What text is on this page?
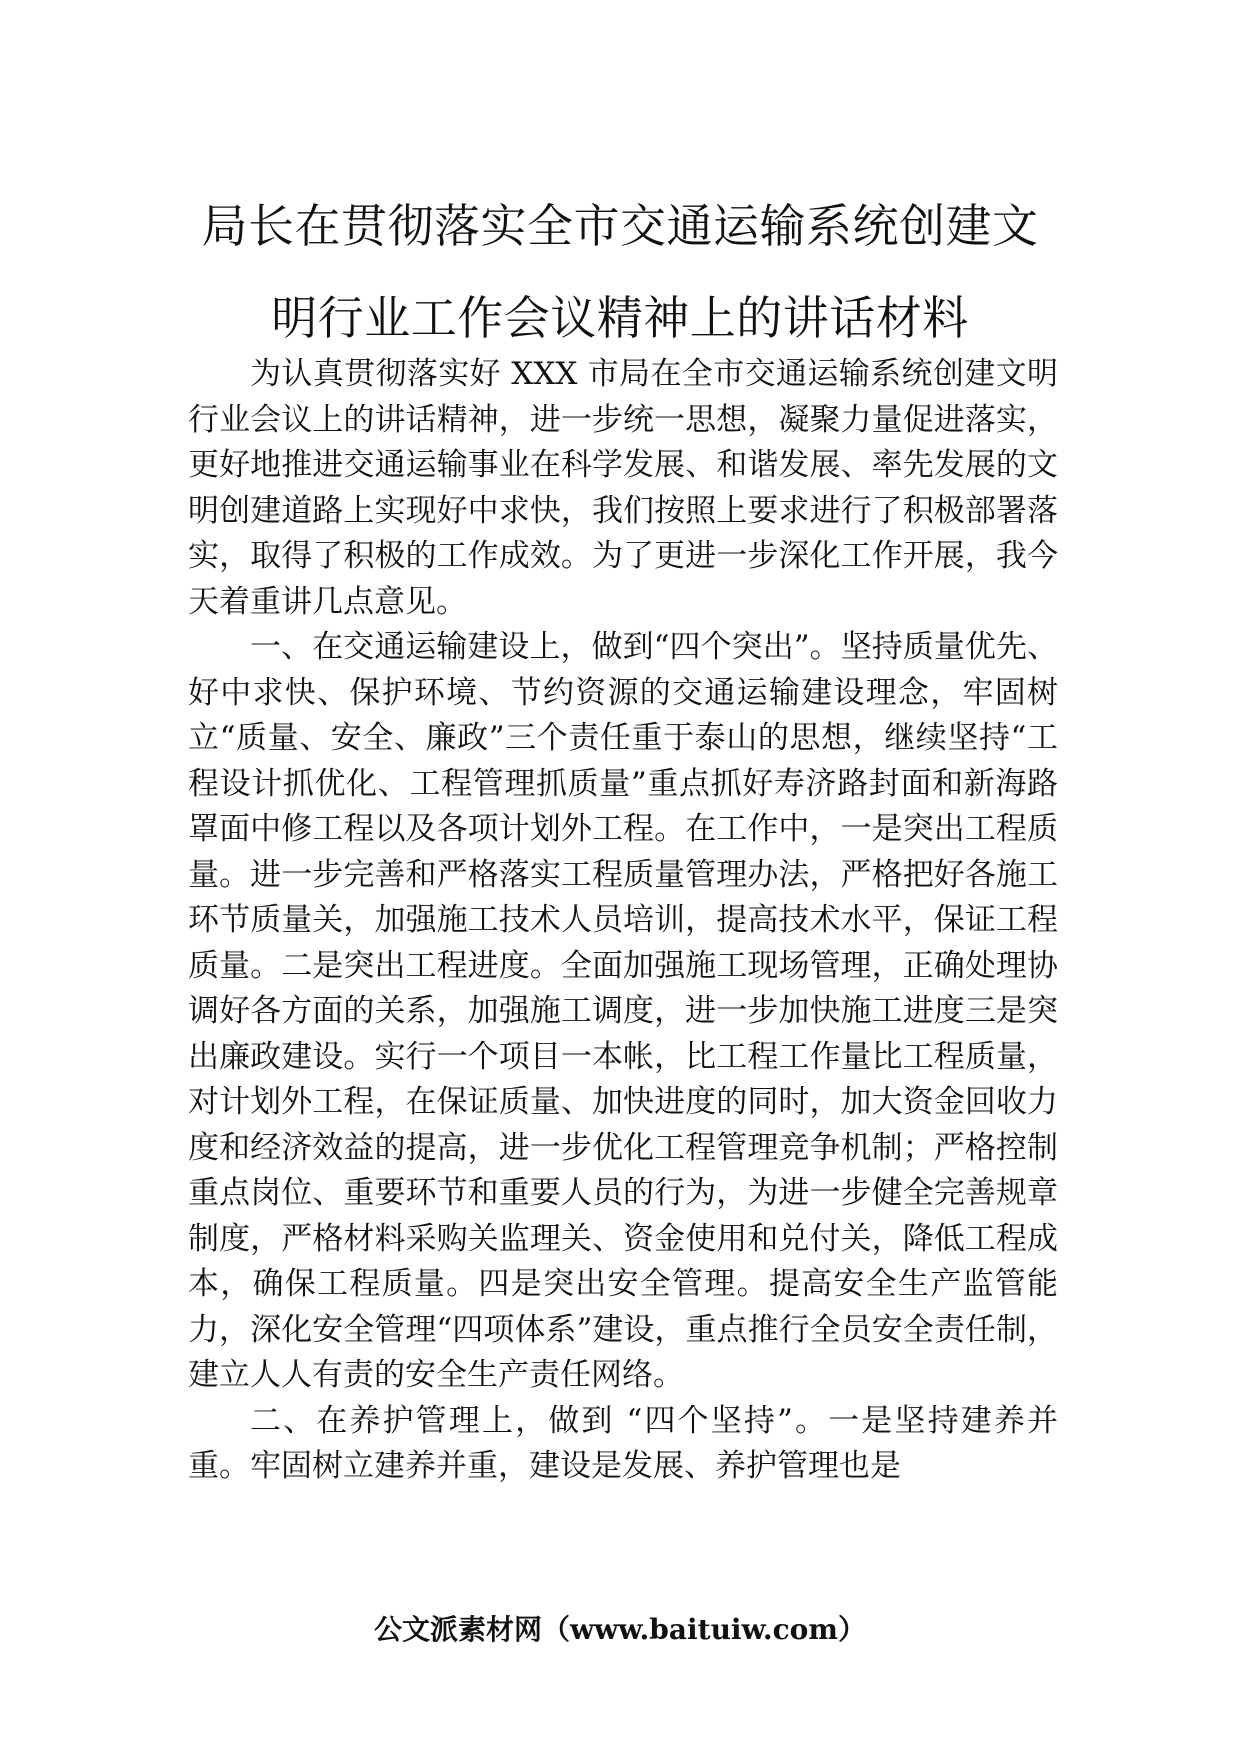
局长在贯彻落实全市交通运输系统创建文
明行业工作会议精神上的讲话材料

为认真贯彻落实好 XXX 市局在全市交通运输系统创建文明行业会议上的讲话精神，进一步统一思想，凝聚力量促进落实，更好地推进交通运输事业在科学发展、和谐发展、率先发展的文明创建道路上实现好中求快，我们按照上要求进行了积极部署落实，取得了积极的工作成效。为了更进一步深化工作开展，我今天着重讲几点意见。

一、在交通运输建设上，做到“四个突出”。坚持质量优先、好中求快、保护环境、节约资源的交通运输建设理念，牢固树立“质量、安全、廉政”三个责任重于泰山的思想，继续坚持“工程设计抓优化、工程管理抓质量”重点抓好寿济路封面和新海路罩面中修工程以及各项计划外工程。在工作中，一是突出工程质量。进一步完善和严格落实工程质量管理办法，严格把好各施工环节质量关，加强施工技术人员培训，提高技术水平，保证工程质量。二是突出工程进度。全面加强施工现场管理，正确处理协调好各方面的关系，加强施工调度，进一步加快施工进度三是突出廉政建设。实行一个项目一本帐，比工程工作量比工程质量，对计划外工程，在保证质量、加快进度的同时，加大资金回收力度和经济效益的提高，进一步优化工程管理竞争机制；严格控制重点岗位、重要环节和重要人员的行为，为进一步健全完善规章制度，严格材料采购关监理关、资金使用和兑付关，降低工程成本，确保工程质量。四是突出安全管理。提高安全生产监管能力，深化安全管理“四项体系”建设，重点推行全员安全责任制，建立人人有责的安全生产责任网络。

二、在养护管理上，做到 “四个坚持”。一是坚持建养并重。牢固树立建养并重，建设是发展、养护管理也是

公文派素材网（www.baituiw.com）
